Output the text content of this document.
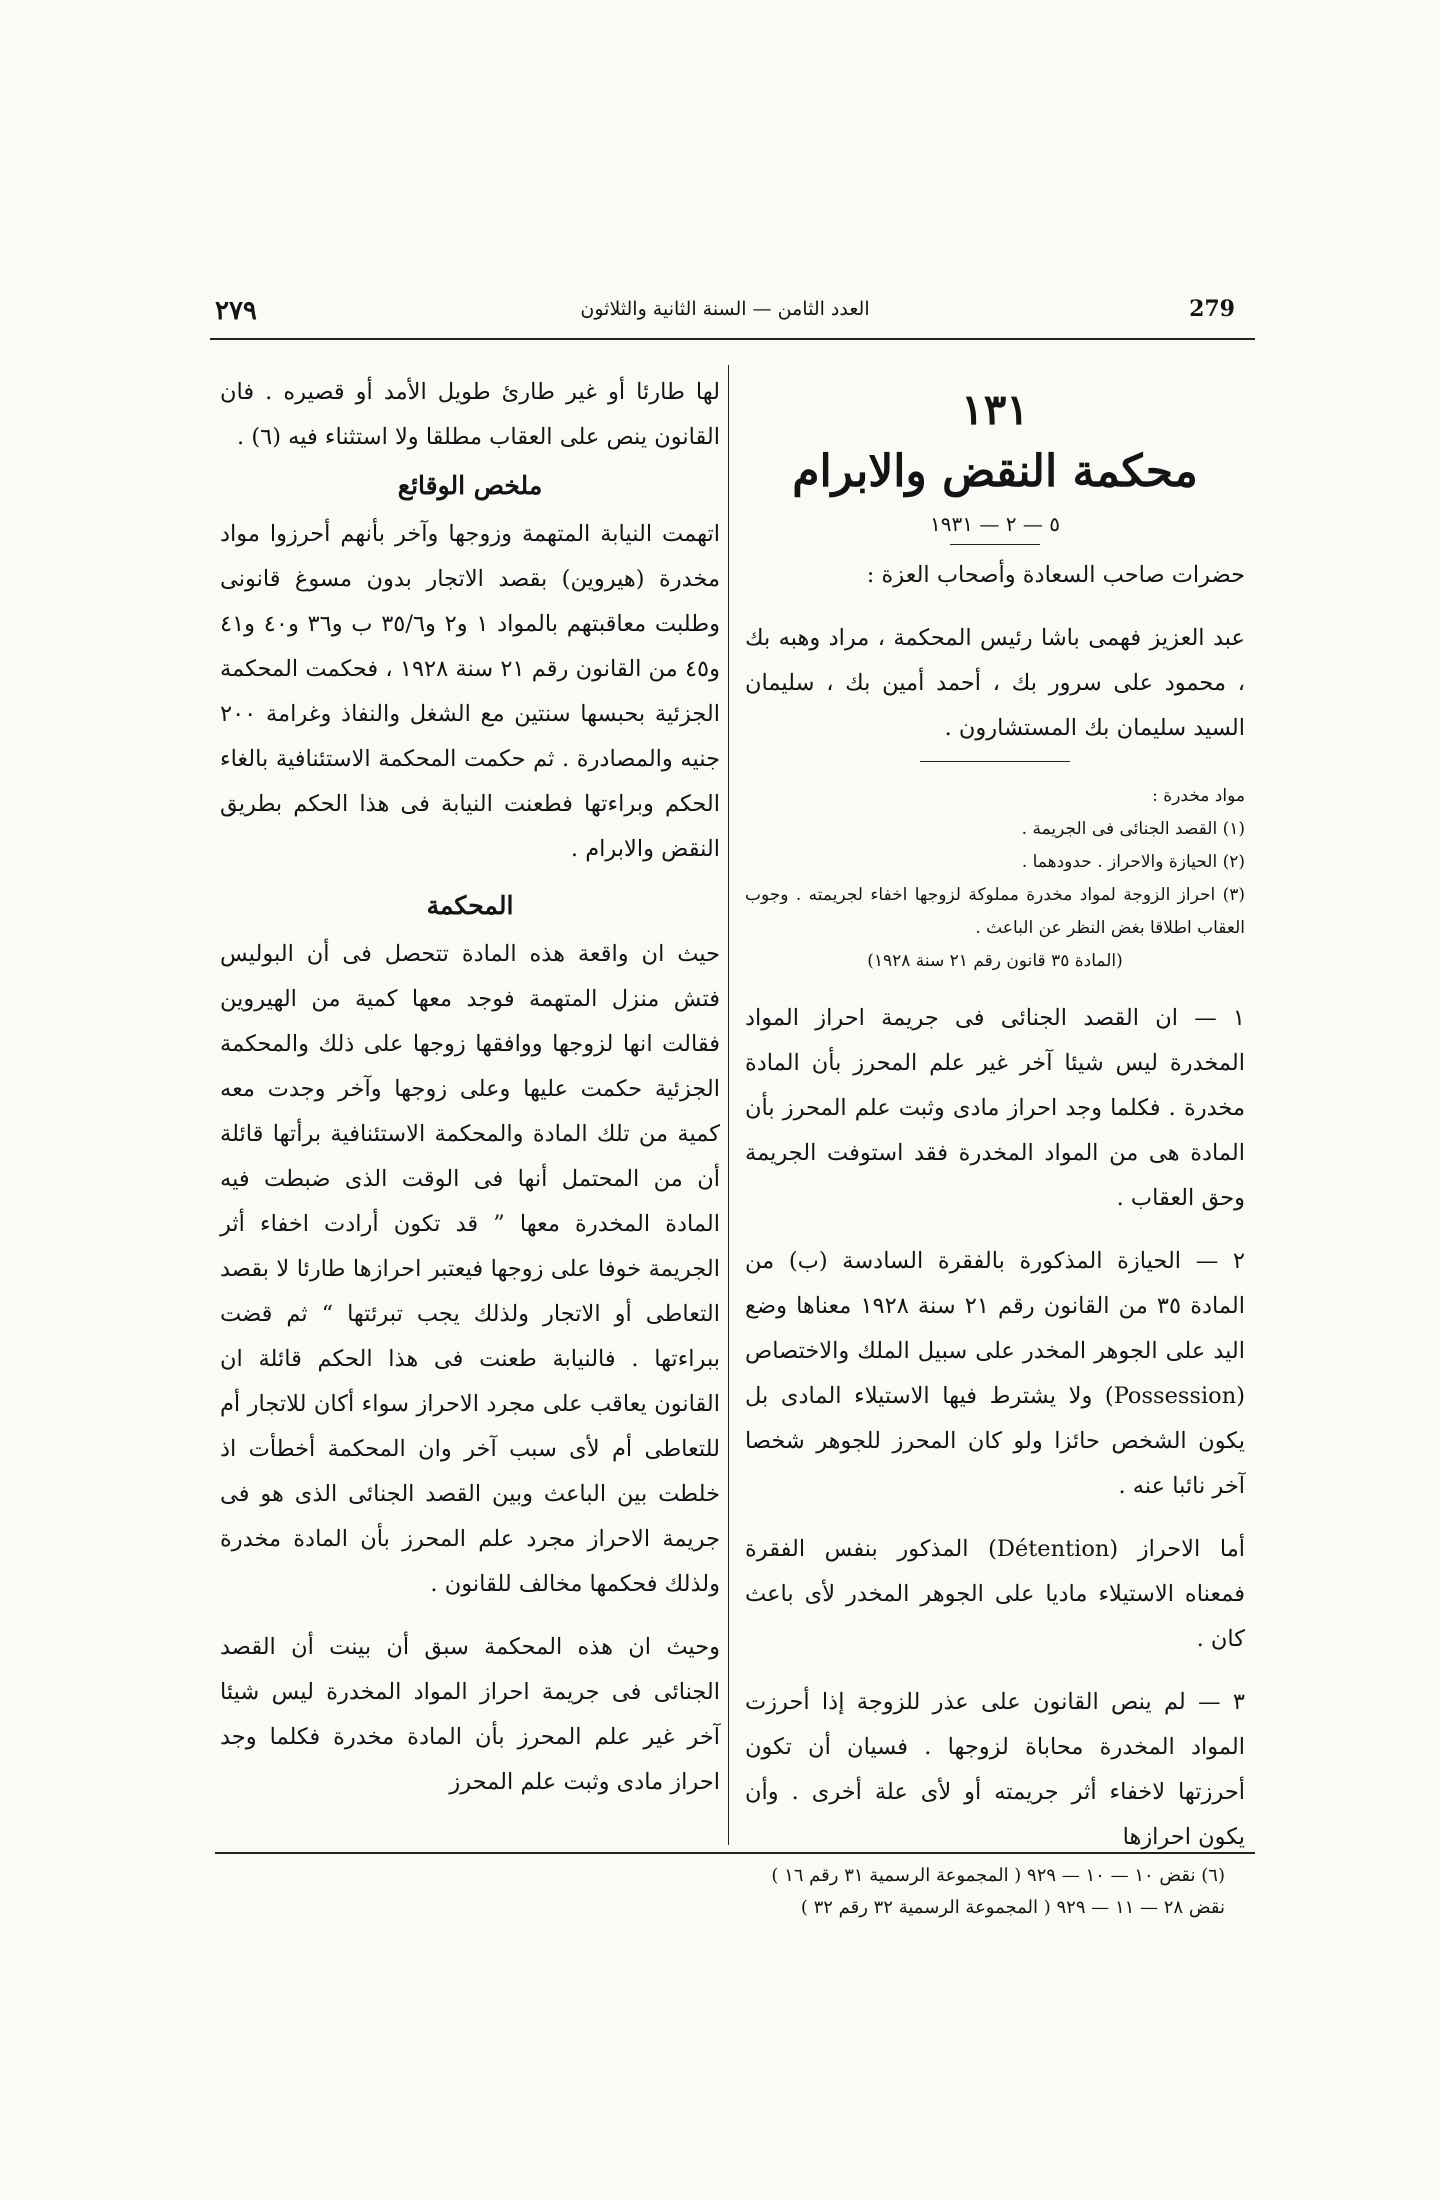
٢٧٩	العدد الثامن — السنة الثانية والثلاثون	279
١٣١
محكمة النقض والابرام
٥ — ٢ — ١٩٣١

حضرات صاحب السعادة وأصحاب العزة :

عبد العزيز فهمى باشا رئيس المحكمة ، مراد وهبه بك ، محمود على سرور بك ، أحمد أمين بك ، سليمان السيد سليمان بك المستشارون .

مواد مخدرة :
(١) القصد الجنائى فى الجريمة .
(٢) الحيازة والاحراز . حدودهما .
(٣) احراز الزوجة لمواد مخدرة مملوكة لزوجها اخفاء لجريمته . وجوب العقاب اطلاقا بغض النظر عن الباعث .
(المادة ٣٥ قانون رقم ٢١ سنة ١٩٢٨)

١ — ان القصد الجنائى فى جريمة احراز المواد المخدرة ليس شيئا آخر غير علم المحرز بأن المادة مخدرة . فكلما وجد احراز مادى وثبت علم المحرز بأن المادة هى من المواد المخدرة فقد استوفت الجريمة وحق العقاب .

٢ — الحيازة المذكورة بالفقرة السادسة (ب) من المادة ٣٥ من القانون رقم ٢١ سنة ١٩٢٨ معناها وضع اليد على الجوهر المخدر على سبيل الملك والاختصاص (Possession) ولا يشترط فيها الاستيلاء المادى بل يكون الشخص حائزا ولو كان المحرز للجوهر شخصا آخر نائبا عنه .

أما الاحراز (Détention) المذكور بنفس الفقرة فمعناه الاستيلاء ماديا على الجوهر المخدر لأى باعث كان .

٣ — لم ينص القانون على عذر للزوجة إذا أحرزت المواد المخدرة محاباة لزوجها . فسيان أن تكون أحرزتها لاخفاء أثر جريمته أو لأى علة أخرى . وأن يكون احرازها

لها طارئا أو غير طارئ طويل الأمد أو قصيره . فان القانون ينص على العقاب مطلقا ولا استثناء فيه (٦) .

ملخص الوقائع

اتهمت النيابة المتهمة وزوجها وآخر بأنهم أحرزوا مواد مخدرة (هيروين) بقصد الاتجار بدون مسوغ قانونى وطلبت معاقبتهم بالمواد ١ و٢ و٣٥/٦ ب و٣٦ و٤٠ و٤١ و٤٥ من القانون رقم ٢١ سنة ١٩٢٨ ، فحكمت المحكمة الجزئية بحبسها سنتين مع الشغل والنفاذ وغرامة ٢٠٠ جنيه والمصادرة . ثم حكمت المحكمة الاستئنافية بالغاء الحكم وبراءتها فطعنت النيابة فى هذا الحكم بطريق النقض والابرام .

المحكمة

حيث ان واقعة هذه المادة تتحصل فى أن البوليس فتش منزل المتهمة فوجد معها كمية من الهيروين فقالت انها لزوجها ووافقها زوجها على ذلك والمحكمة الجزئية حكمت عليها وعلى زوجها وآخر وجدت معه كمية من تلك المادة والمحكمة الاستئنافية برأتها قائلة أن من المحتمل أنها فى الوقت الذى ضبطت فيه المادة المخدرة معها ” قد تكون أرادت اخفاء أثر الجريمة خوفا على زوجها فيعتبر احرازها طارئا لا بقصد التعاطى أو الاتجار ولذلك يجب تبرئتها “ ثم قضت ببراءتها . فالنيابة طعنت فى هذا الحكم قائلة ان القانون يعاقب على مجرد الاحراز سواء أكان للاتجار أم للتعاطى أم لأى سبب آخر وان المحكمة أخطأت اذ خلطت بين الباعث وبين القصد الجنائى الذى هو فى جريمة الاحراز مجرد علم المحرز بأن المادة مخدرة ولذلك فحكمها مخالف للقانون .

وحيث ان هذه المحكمة سبق أن بينت أن القصد الجنائى فى جريمة احراز المواد المخدرة ليس شيئا آخر غير علم المحرز بأن المادة مخدرة فكلما وجد احراز مادى وثبت علم المحرز

(٦) نقض ١٠ — ١٠ — ٩٢٩ ( المجموعة الرسمية ٣١ رقم ١٦ )
نقض ٢٨ — ١١ — ٩٢٩ ( المجموعة الرسمية ٣٢ رقم ٣٢ )
